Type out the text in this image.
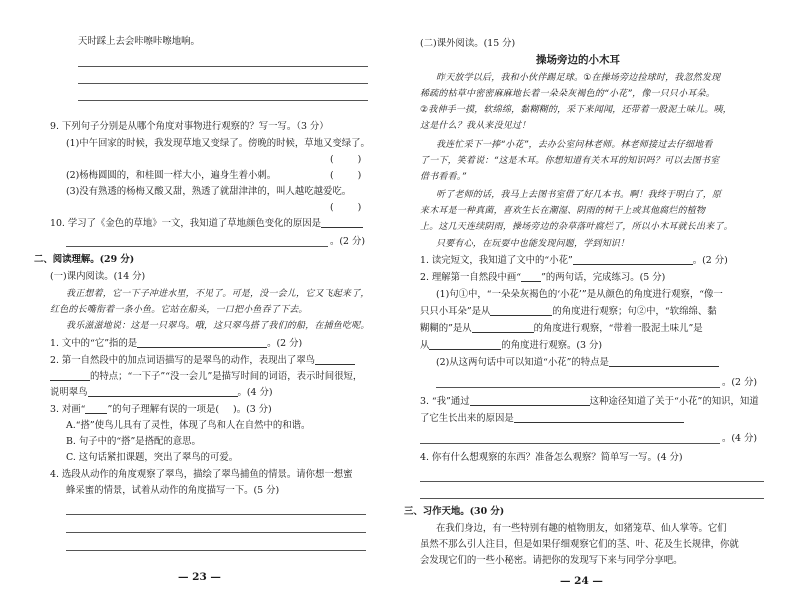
天时踩上去会咔嚓咔嚓地响。
9. 下列句子分别是从哪个角度对事物进行观察的？写一写。（3 分）
(1)中午回家的时候，我发现草地又变绿了。傍晚的时候，草地又变绿了。
(	)
(2)杨梅圆圆的，和桂圆一样大小，遍身生着小刺。	(	)
(3)没有熟透的杨梅又酸又甜，熟透了就甜津津的，叫人越吃越爱吃。
(	)
10. 学习了《金色的草地》一文，我知道了草地颜色变化的原因是
。(2 分)
二、阅读理解。(29 分)
(一)课内阅读。(14 分)
我正想着，它一下子冲进水里，不见了。可是，没一会儿，它又飞起来了，
红色的长嘴衔着一条小鱼。它站在船头，一口把小鱼吞了下去。
我乐滋滋地说：这是一只翠鸟。哦，这只翠鸟搭了我们的船，在捕鱼吃呢。
1. 文中的“它”指的是	。(2 分)
2. 第一自然段中的加点词语描写的是翠鸟的动作，表现出了翠鸟
的特点；“一下子”“没一会儿”是描写时间的词语，表示时间很短，
说明翠鸟	。(4 分)
3. 对画“ ”的句子理解有误的一项是( )。(3 分)
A.“搭”使鸟儿具有了灵性，体现了鸟和人在自然中的和谐。
B. 句子中的“搭”是搭配的意思。
C. 这句话紧扣课题，突出了翠鸟的可爱。
4. 选段从动作的角度观察了翠鸟，描绘了翠鸟捕鱼的情景。请你想一想蜜
蜂采蜜的情景，试着从动作的角度描写一下。(5 分)
— 23 —
(二)课外阅读。(15 分)
操场旁边的小木耳
昨天放学以后，我和小伙伴踢足球。①在操场旁边捡球时，我忽然发现
稀疏的枯草中密密麻麻地长着一朵朵灰褐色的“小花”，像一只只小耳朵。
②我伸手一摸，软绵绵，黏糊糊的，采下来闻闻，还带着一股泥土味儿。咦，
这是什么？我从来没见过！
我连忙采下一捧“小花”，去办公室问林老师。林老师接过去仔细地看
了一下，笑着说：“这是木耳。你想知道有关木耳的知识吗？可以去图书室
借书看看。”
听了老师的话，我马上去图书室借了好几本书。啊！我终于明白了，原
来木耳是一种真菌，喜欢生长在潮湿、阴雨的树干上或其他腐烂的植物
上。这几天连续阴雨，操场旁边的杂草落叶腐烂了，所以小木耳就长出来了。
只要有心，在玩耍中也能发现问题，学到知识！
1. 读完短文，我知道了文中的“小花”	。(2 分)
2. 理解第一自然段中画“ ”的两句话，完成练习。(5 分)
(1)句①中，“一朵朵灰褐色的‘小花’”是从颜色的角度进行观察，“像一
只只小耳朵”是从	的角度进行观察；句②中，“软绵绵、黏
糊糊的”是从	的角度进行观察，“带着一股泥土味儿”是
从	的角度进行观察。(3 分)
(2)从这两句话中可以知道“小花”的特点是
。(2 分)
3. “我”通过	这种途径知道了关于“小花”的知识，知道
了它生长出来的原因是
。(4 分)
4. 你有什么想观察的东西？准备怎么观察？简单写一写。(4 分)
三、习作天地。(30 分)
在我们身边，有一些特别有趣的植物朋友，如猪笼草、仙人掌等。它们
虽然不那么引人注目，但是如果仔细观察它们的茎、叶、花及生长规律，你就
会发现它们的一些小秘密。请把你的发现写下来与同学分享吧。
— 24 —
